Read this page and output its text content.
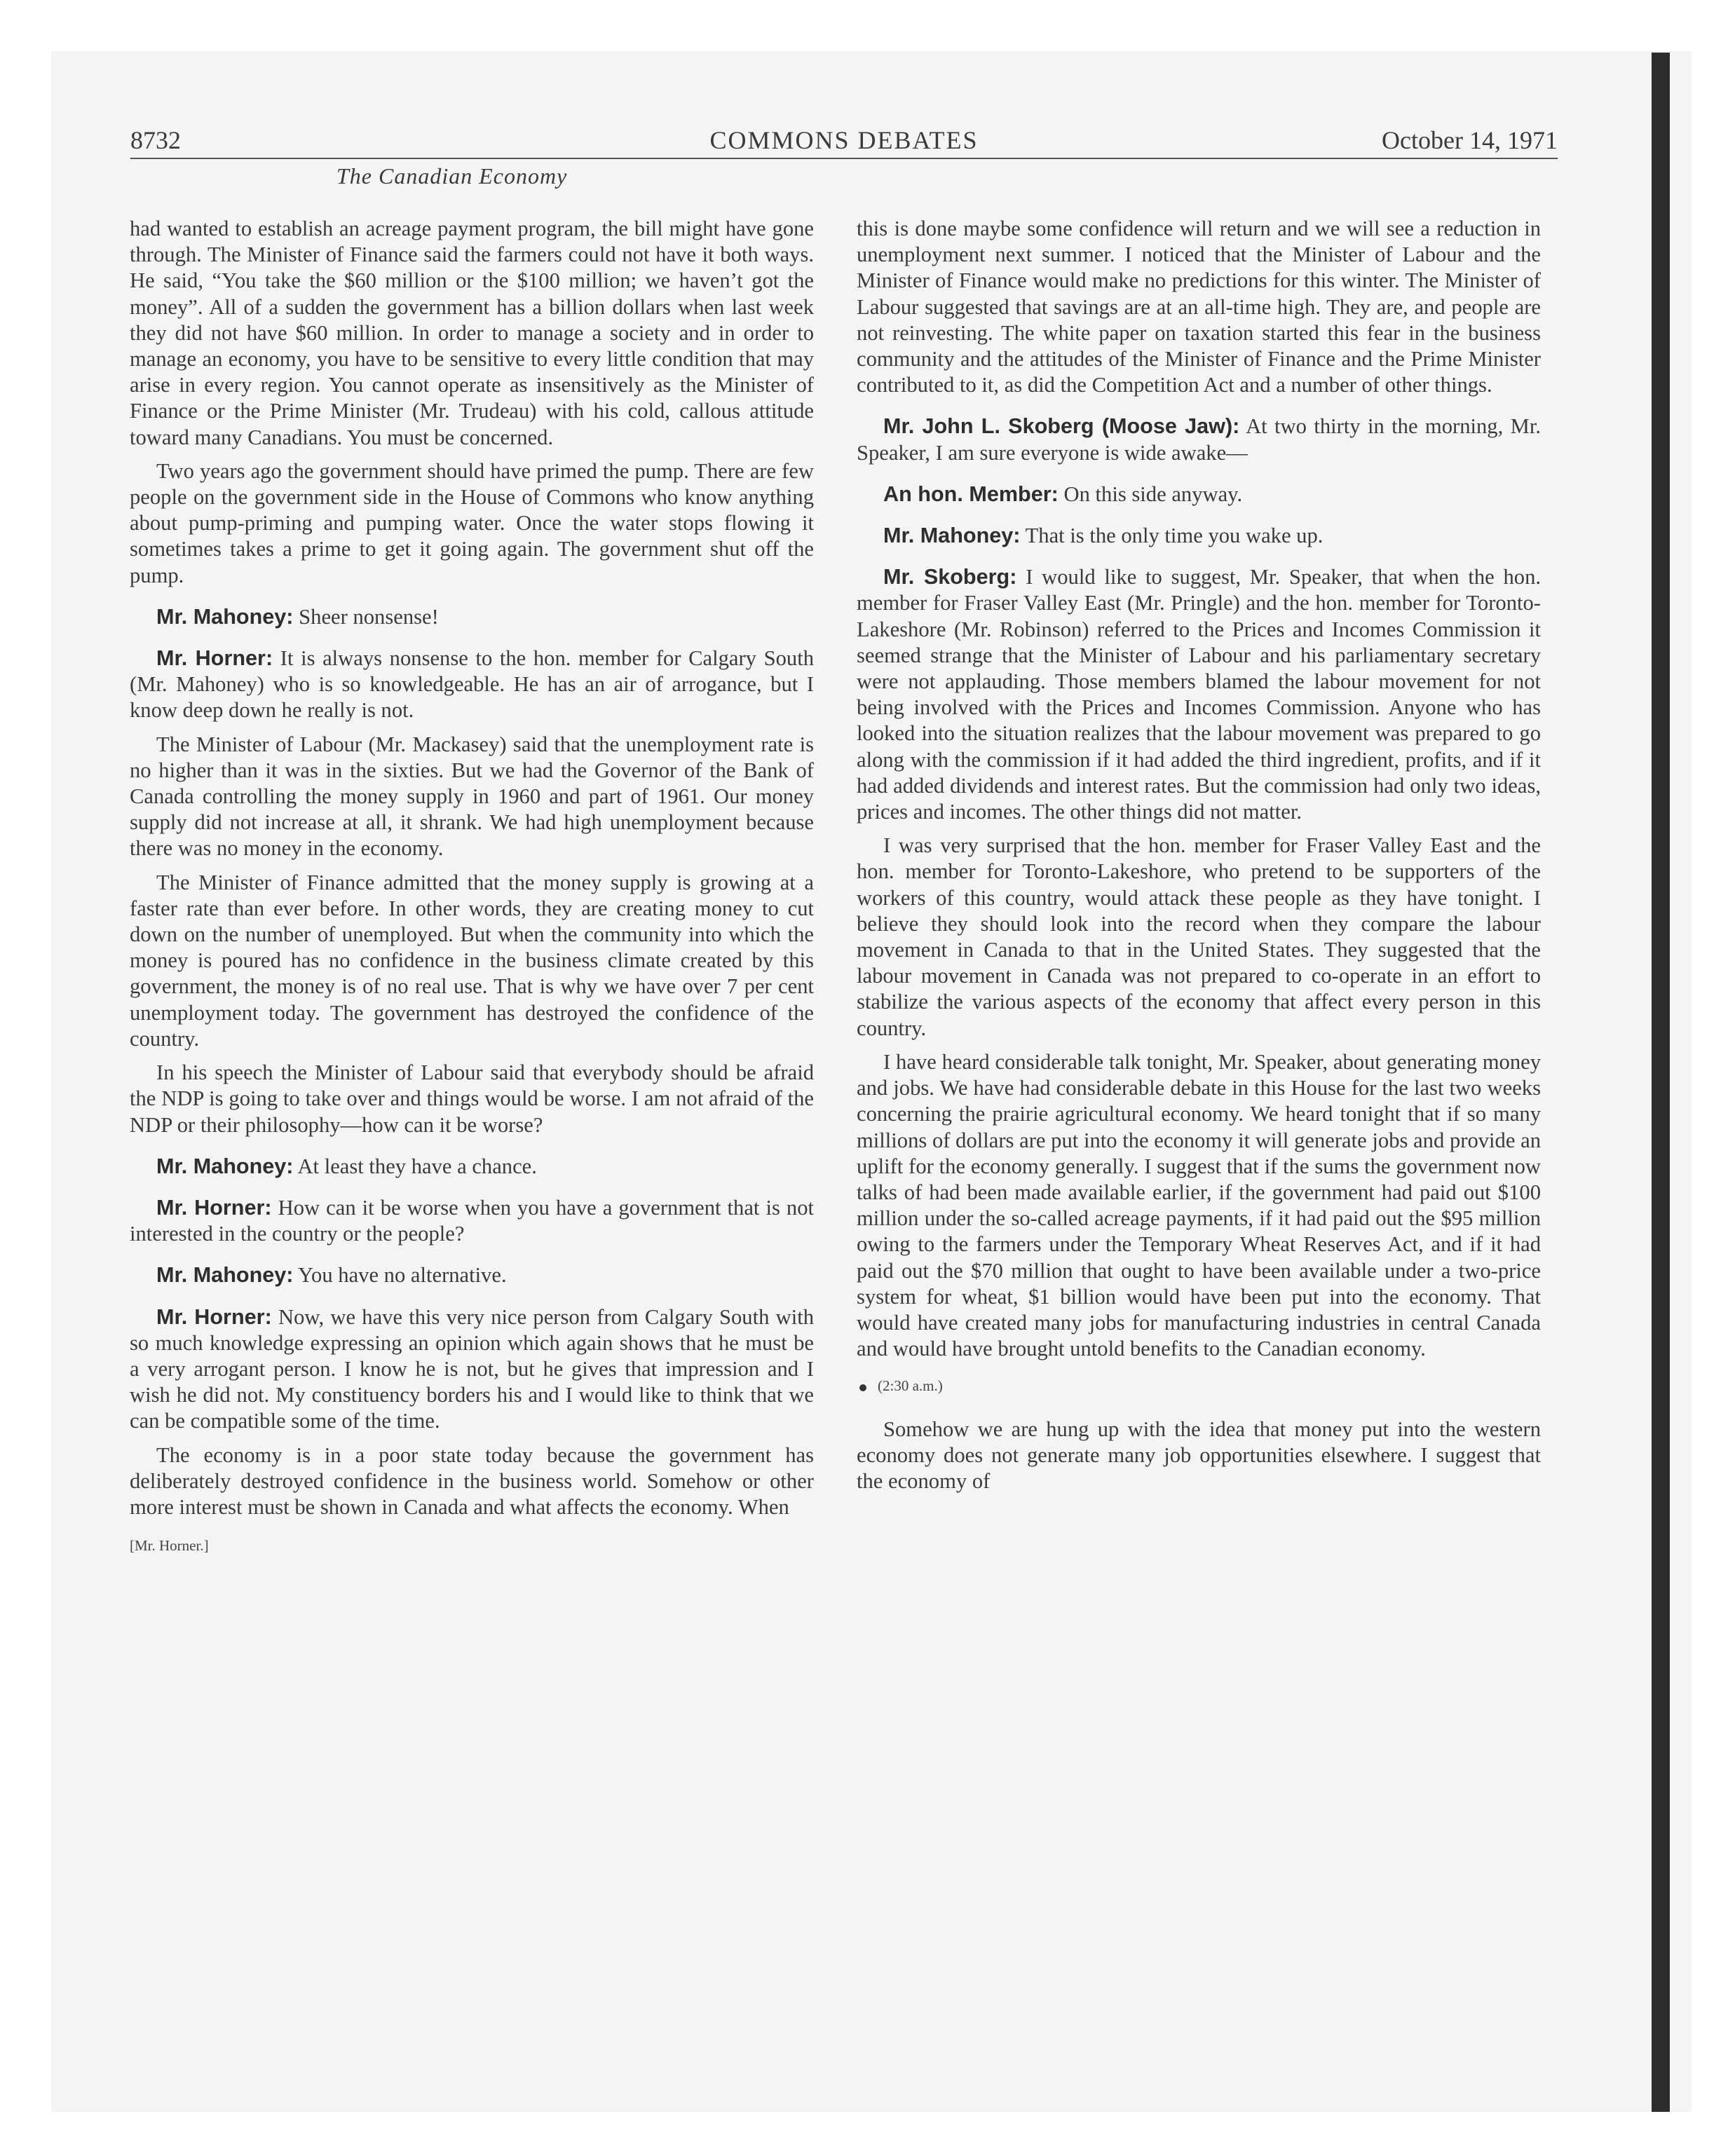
8732	COMMONS DEBATES	October 14, 1971
The Canadian Economy

had wanted to establish an acreage payment program, the bill might have gone through. The Minister of Finance said the farmers could not have it both ways. He said, “You take the $60 million or the $100 million; we haven’t got the money”. All of a sudden the government has a billion dollars when last week they did not have $60 million. In order to manage a society and in order to manage an economy, you have to be sensitive to every little condition that may arise in every region. You cannot operate as insensitively as the Minister of Finance or the Prime Minister (Mr. Trudeau) with his cold, callous attitude toward many Canadians. You must be concerned.

Two years ago the government should have primed the pump. There are few people on the government side in the House of Commons who know anything about pump-priming and pumping water. Once the water stops flowing it sometimes takes a prime to get it going again. The government shut off the pump.

Mr. Mahoney: Sheer nonsense!

Mr. Horner: It is always nonsense to the hon. member for Calgary South (Mr. Mahoney) who is so knowledgeable. He has an air of arrogance, but I know deep down he really is not.

The Minister of Labour (Mr. Mackasey) said that the unemployment rate is no higher than it was in the sixties. But we had the Governor of the Bank of Canada controlling the money supply in 1960 and part of 1961. Our money supply did not increase at all, it shrank. We had high unemployment because there was no money in the economy.

The Minister of Finance admitted that the money supply is growing at a faster rate than ever before. In other words, they are creating money to cut down on the number of unemployed. But when the community into which the money is poured has no confidence in the business climate created by this government, the money is of no real use. That is why we have over 7 per cent unemployment today. The government has destroyed the confidence of the country.

In his speech the Minister of Labour said that everybody should be afraid the NDP is going to take over and things would be worse. I am not afraid of the NDP or their philosophy—how can it be worse?

Mr. Mahoney: At least they have a chance.

Mr. Horner: How can it be worse when you have a government that is not interested in the country or the people?

Mr. Mahoney: You have no alternative.

Mr. Horner: Now, we have this very nice person from Calgary South with so much knowledge expressing an opinion which again shows that he must be a very arrogant person. I know he is not, but he gives that impression and I wish he did not. My constituency borders his and I would like to think that we can be compatible some of the time.

The economy is in a poor state today because the government has deliberately destroyed confidence in the business world. Somehow or other more interest must be shown in Canada and what affects the economy. When

[Mr. Horner.]

this is done maybe some confidence will return and we will see a reduction in unemployment next summer. I noticed that the Minister of Labour and the Minister of Finance would make no predictions for this winter. The Minister of Labour suggested that savings are at an all-time high. They are, and people are not reinvesting. The white paper on taxation started this fear in the business community and the attitudes of the Minister of Finance and the Prime Minister contributed to it, as did the Competition Act and a number of other things.

Mr. John L. Skoberg (Moose Jaw): At two thirty in the morning, Mr. Speaker, I am sure everyone is wide awake—

An hon. Member: On this side anyway.

Mr. Mahoney: That is the only time you wake up.

Mr. Skoberg: I would like to suggest, Mr. Speaker, that when the hon. member for Fraser Valley East (Mr. Pringle) and the hon. member for Toronto-Lakeshore (Mr. Robinson) referred to the Prices and Incomes Commission it seemed strange that the Minister of Labour and his parliamentary secretary were not applauding. Those members blamed the labour movement for not being involved with the Prices and Incomes Commission. Anyone who has looked into the situation realizes that the labour movement was prepared to go along with the commission if it had added the third ingredient, profits, and if it had added dividends and interest rates. But the commission had only two ideas, prices and incomes. The other things did not matter.

I was very surprised that the hon. member for Fraser Valley East and the hon. member for Toronto-Lakeshore, who pretend to be supporters of the workers of this country, would attack these people as they have tonight. I believe they should look into the record when they compare the labour movement in Canada to that in the United States. They suggested that the labour movement in Canada was not prepared to co-operate in an effort to stabilize the various aspects of the economy that affect every person in this country.

I have heard considerable talk tonight, Mr. Speaker, about generating money and jobs. We have had considerable debate in this House for the last two weeks concerning the prairie agricultural economy. We heard tonight that if so many millions of dollars are put into the economy it will generate jobs and provide an uplift for the economy generally. I suggest that if the sums the government now talks of had been made available earlier, if the government had paid out $100 million under the so-called acreage payments, if it had paid out the $95 million owing to the farmers under the Temporary Wheat Reserves Act, and if it had paid out the $70 million that ought to have been available under a two-price system for wheat, $1 billion would have been put into the economy. That would have created many jobs for manufacturing industries in central Canada and would have brought untold benefits to the Canadian economy.

(2:30 a.m.)

Somehow we are hung up with the idea that money put into the western economy does not generate many job opportunities elsewhere. I suggest that the economy of
